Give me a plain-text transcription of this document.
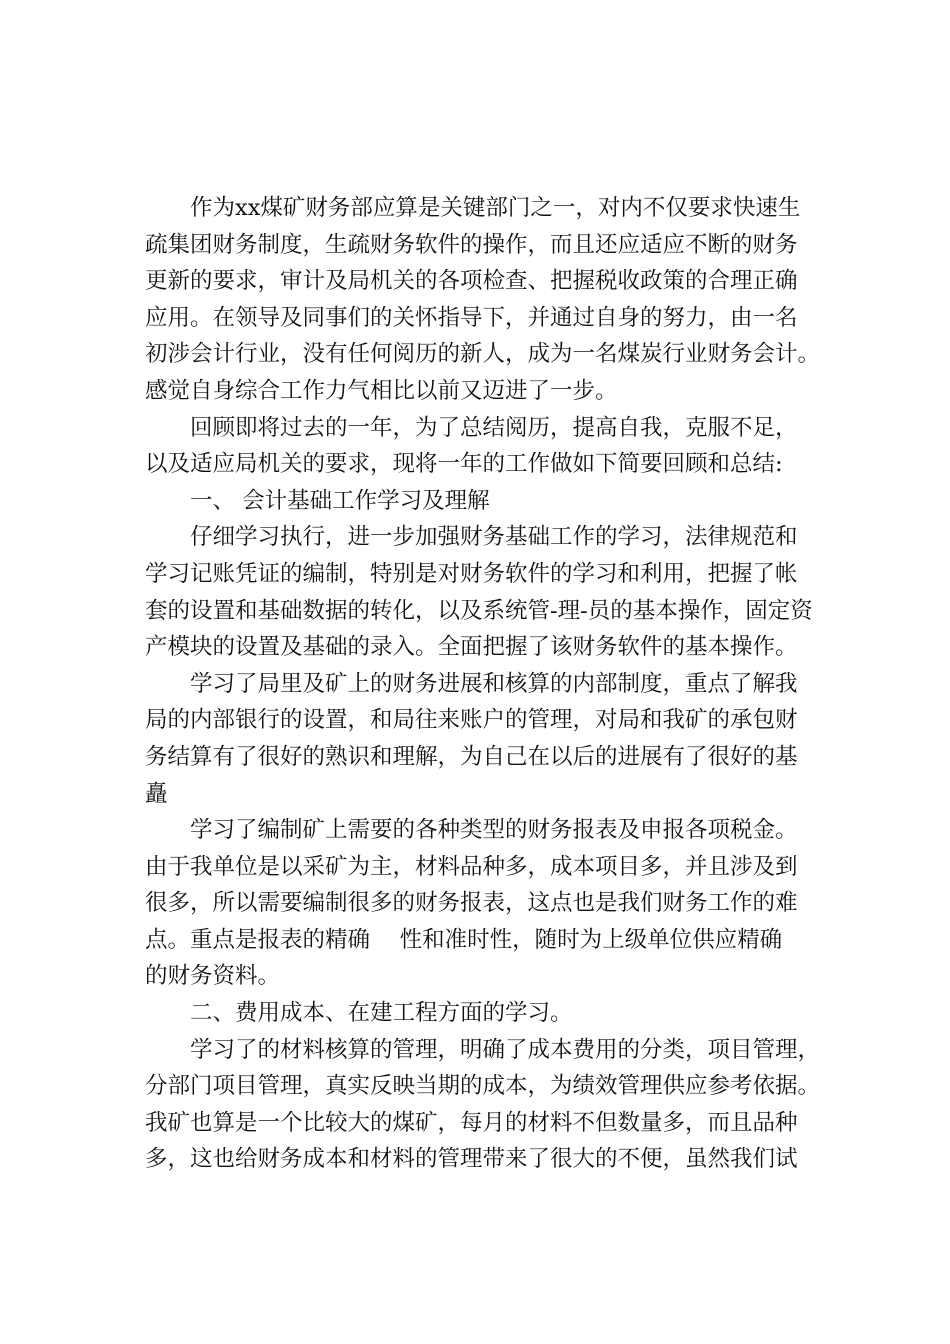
作为xx煤矿财务部应算是关键部门之一，对内不仅要求快速生
疏集团财务制度，生疏财务软件的操作，而且还应适应不断的财务
更新的要求，审计及局机关的各项检查、把握税收政策的合理正确
应用。在领导及同事们的关怀指导下，并通过自身的努力，由一名
初涉会计行业，没有任何阅历的新人，成为一名煤炭行业财务会计。
感觉自身综合工作力气相比以前又迈进了一步。
回顾即将过去的一年，为了总结阅历，提高自我，克服不足，
以及适应局机关的要求，现将一年的工作做如下简要回顾和总结:
一、 会计基础工作学习及理解
仔细学习执行，进一步加强财务基础工作的学习，法律规范和
学习记账凭证的编制，特别是对财务软件的学习和利用，把握了帐
套的设置和基础数据的转化，以及系统管-理-员的基本操作，固定资
产模块的设置及基础的录入。全面把握了该财务软件的基本操作。
学习了局里及矿上的财务进展和核算的内部制度，重点了解我
局的内部银行的设置，和局往来账户的管理，对局和我矿的承包财
务结算有了很好的熟识和理解，为自己在以后的进展有了很好的基
矗
学习了编制矿上需要的各种类型的财务报表及申报各项税金。
由于我单位是以采矿为主，材料品种多，成本项目多，并且涉及到
很多，所以需要编制很多的财务报表，这点也是我们财务工作的难
点。重点是报表的精确　 性和准时性，随时为上级单位供应精确
的财务资料。
二、费用成本、在建工程方面的学习。
学习了的材料核算的管理，明确了成本费用的分类，项目管理，
分部门项目管理，真实反映当期的成本，为绩效管理供应参考依据。
我矿也算是一个比较大的煤矿，每月的材料不但数量多，而且品种
多，这也给财务成本和材料的管理带来了很大的不便，虽然我们试
